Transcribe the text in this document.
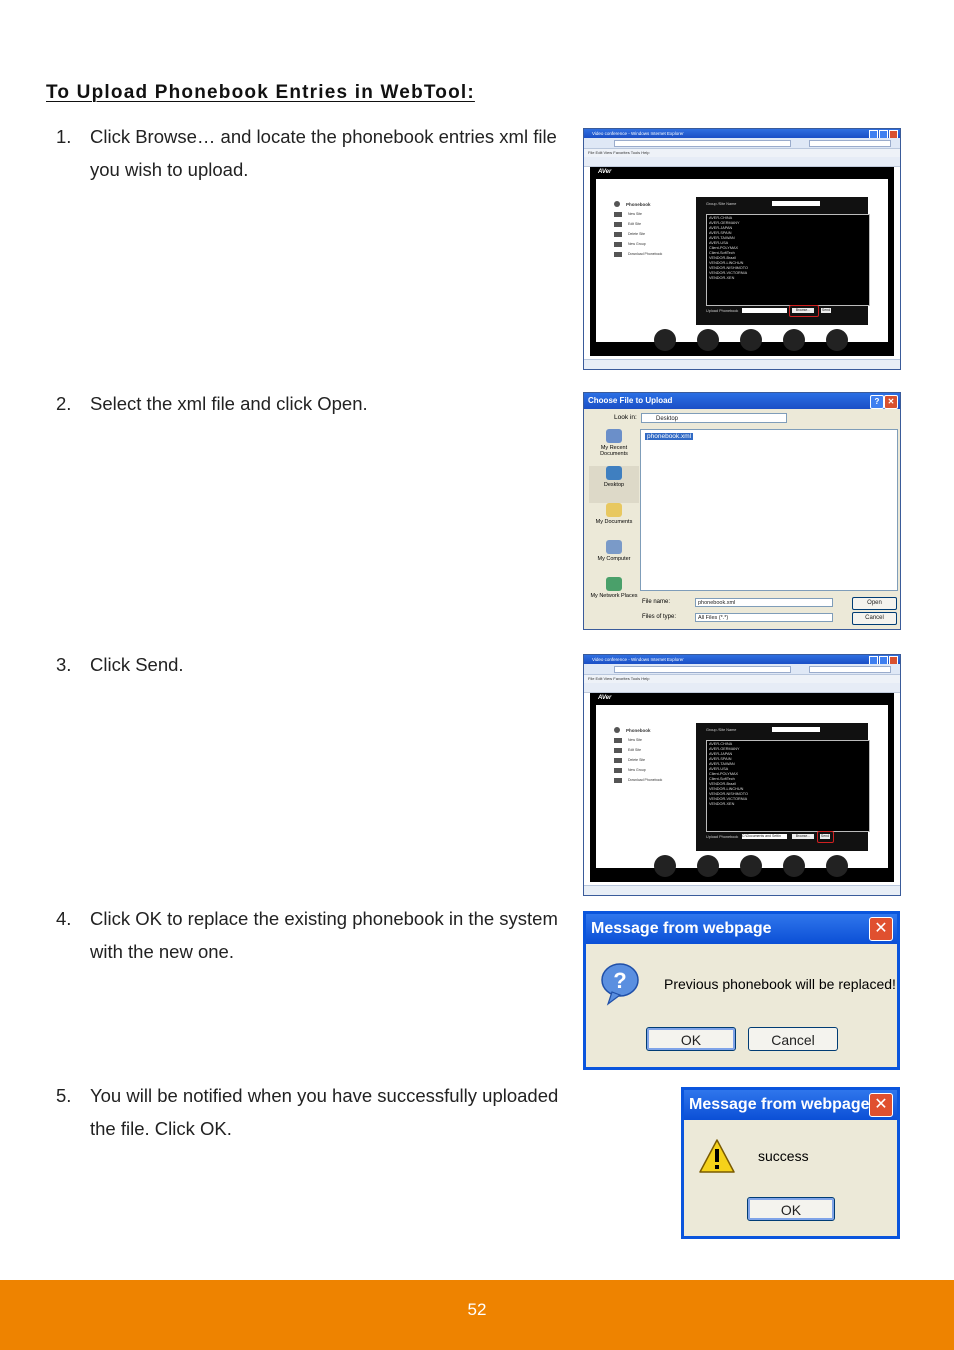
To Upload Phonebook Entries in WebTool:
1. Click Browse… and locate the phonebook entries xml file you wish to upload.
2. Select the xml file and click Open.
3. Click Send.
4. Click OK to replace the existing phonebook in the system with the new one.
5. You will be notified when you have successfully uploaded the file. Click OK.
Video conference - Windows Internet Explorer
File Edit View Favorites Tools Help
AVer
Phonebook
New Site
Edit Site
Delete Site
New Group
Download Phonebook
Group /Site Name
AVER-CHINA
AVER-GERMANY
AVER-JAPAN
AVER-SPAIN
AVER-TAIWAN
AVER-USA
Client-POLYMAX
Client-SoftTech
VENDOR-Brazil
VENDOR-LINCHUN
VENDOR-NISHIMOTO
VENDOR-VICTORNIA
VENDOR-XEN
Upload Phonebook	Browse...	Send
Choose File to Upload	?	✕
Look in:	Desktop
My Recent Documents
Desktop
My Documents
My Computer
My Network Places
phonebook.xml
File name:	phonebook.xml
Files of type:	All Files (*.*)
Open
Cancel
Video conference - Windows Internet Explorer
File Edit View Favorites Tools Help
AVer
Phonebook
New Site
Edit Site
Delete Site
New Group
Download Phonebook
Group /Site Name
AVER-CHINA
AVER-GERMANY
AVER-JAPAN
AVER-SPAIN
AVER-TAIWAN
AVER-USA
Client-POLYMAX
Client-SoftTech
VENDOR-Brazil
VENDOR-LINCHUN
VENDOR-NISHIMOTO
VENDOR-VICTORNIA
VENDOR-XEN
Upload Phonebook C:\Documents and Settin	Browse...	Send
Message from webpage	✕
?	Previous phonebook will be replaced!
OK	Cancel
Message from webpage ✕
success
OK
52
